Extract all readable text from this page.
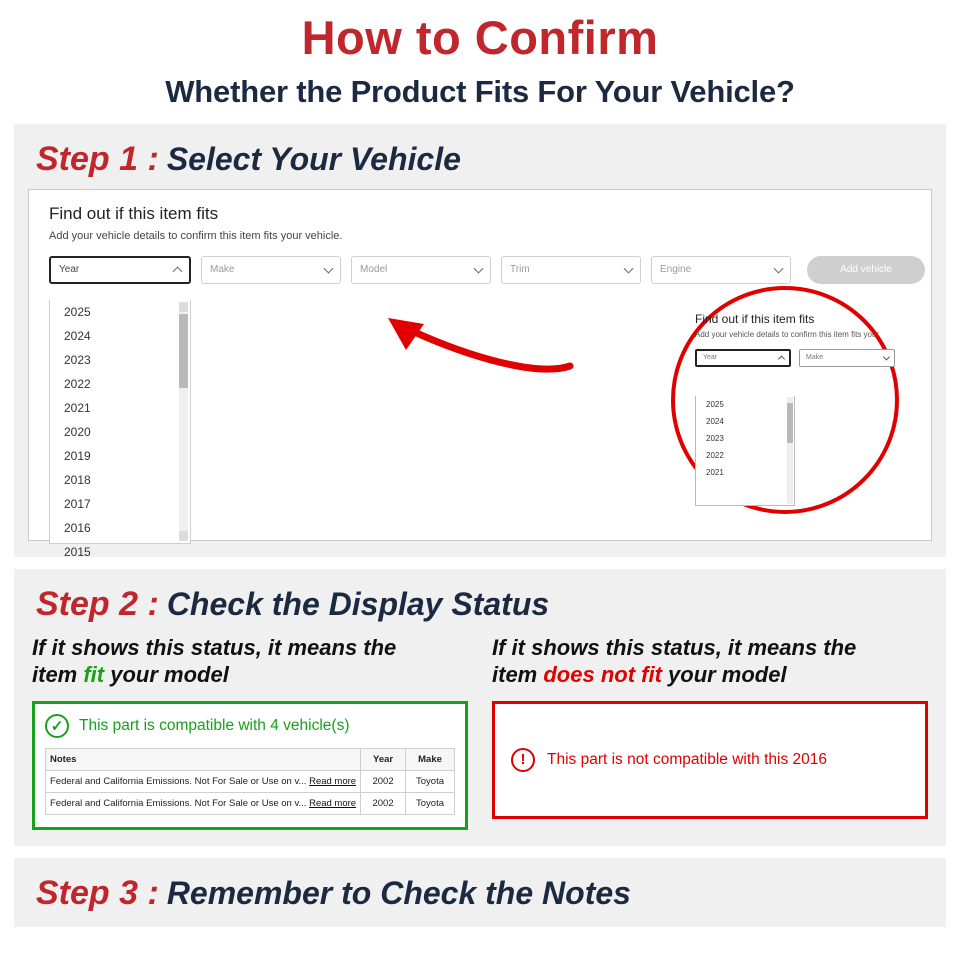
How to Confirm
Whether the Product Fits For Your Vehicle?
Step 1 : Select Your Vehicle
Find out if this item fits
Add your vehicle details to confirm this item fits your vehicle.
Year	Make	Model	Trim	Engine	Add vehicle
2025
2024
2023
2022
2021
2020
2019
2018
2017
2016
2015
Find out if this item fits
Add your vehicle details to confirm this item fits your
Year	Make
2025
2024
2023
2022
2021
Step 2 : Check the Display Status
If it shows this status, it means the
item fit your model
✓	This part is compatible with 4 vehicle(s)
Notes	Year	Make
Federal and California Emissions. Not For Sale or Use on v... Read more	2002	Toyota
Federal and California Emissions. Not For Sale or Use on v... Read more	2002	Toyota
If it shows this status, it means the
item does not fit your model
!	This part is not compatible with this 2016
Step 3 : Remember to Check the Notes
